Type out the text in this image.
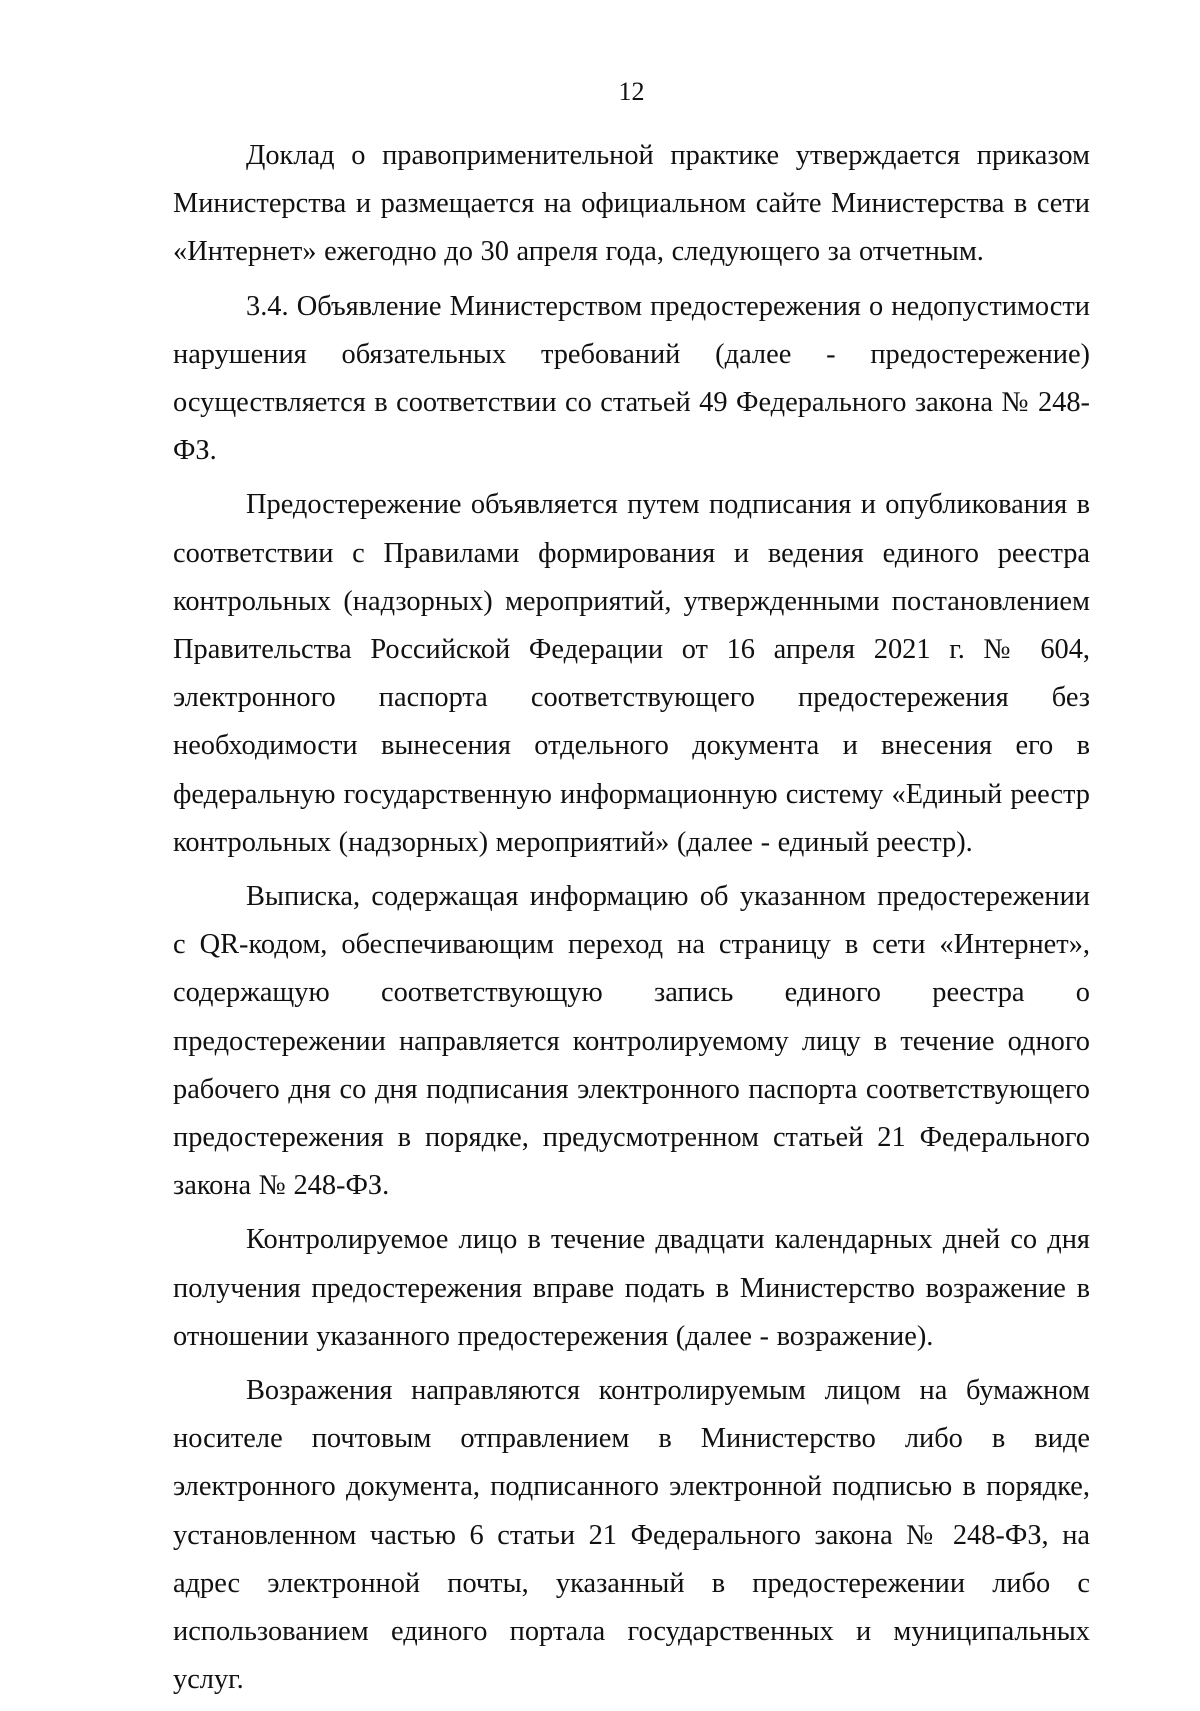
12

Доклад о правоприменительной практике утверждается приказом Министерства и размещается на официальном сайте Министерства в сети «Интернет» ежегодно до 30 апреля года, следующего за отчетным.

3.4. Объявление Министерством предостережения о недопустимости нарушения обязательных требований (далее - предостережение) осуществляется в соответствии со статьей 49 Федерального закона № 248-ФЗ.

Предостережение объявляется путем подписания и опубликования в соответствии с Правилами формирования и ведения единого реестра контрольных (надзорных) мероприятий, утвержденными постановлением Правительства Российской Федерации от 16 апреля 2021 г. № 604, электронного паспорта соответствующего предостережения без необходимости вынесения отдельного документа и внесения его в федеральную государственную информационную систему «Единый реестр контрольных (надзорных) мероприятий» (далее - единый реестр).

Выписка, содержащая информацию об указанном предостережении с QR-кодом, обеспечивающим переход на страницу в сети «Интернет», содержащую соответствующую запись единого реестра о предостережении направляется контролируемому лицу в течение одного рабочего дня со дня подписания электронного паспорта соответствующего предостережения в порядке, предусмотренном статьей 21 Федерального закона № 248-ФЗ.

Контролируемое лицо в течение двадцати календарных дней со дня получения предостережения вправе подать в Министерство возражение в отношении указанного предостережения (далее - возражение).

Возражения направляются контролируемым лицом на бумажном носителе почтовым отправлением в Министерство либо в виде электронного документа, подписанного электронной подписью в порядке, установленном частью 6 статьи 21 Федерального закона № 248-ФЗ, на адрес электронной почты, указанный в предостережении либо с использованием единого портала государственных и муниципальных услуг.
